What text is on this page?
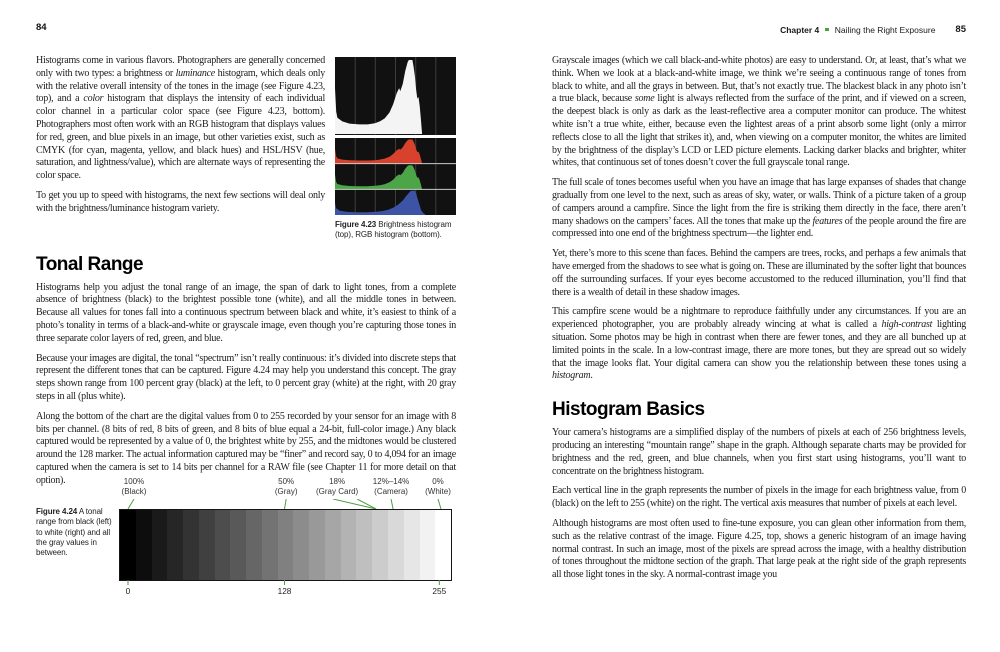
84
Figure 4.23 Brightness histogram (top), RGB histogram (bottom).

Histograms come in various flavors. Photographers are generally concerned only with two types: a brightness or luminance histogram, which deals only with the relative overall intensity of the tones in the image (see Figure 4.23, top), and a color histogram that displays the intensity of each individual color channel in a particular color space (see Figure 4.23, bottom). Photographers most often work with an RGB histogram that displays values for red, green, and blue pixels in an image, but other varieties exist, such as CMYK (for cyan, magenta, yellow, and black hues) and HSL/HSV (hue, saturation, and lightness/value), which are alternate ways of representing the color space.

To get you up to speed with histograms, the next few sections will deal only with the brightness/luminance histogram variety.

Tonal Range

Histograms help you adjust the tonal range of an image, the span of dark to light tones, from a complete absence of brightness (black) to the brightest possible tone (white), and all the middle tones in between. Because all values for tones fall into a continuous spectrum between black and white, it’s easiest to think of a photo’s tonality in terms of a black-and-white or grayscale image, even though you’re capturing those tones in three separate color layers of red, green, and blue.

Because your images are digital, the tonal “spectrum” isn’t really continuous: it’s divided into discrete steps that represent the different tones that can be captured. Figure 4.24 may help you understand this concept. The gray steps shown range from 100 percent gray (black) at the left, to 0 percent gray (white) at the right, with 20 gray steps in all (plus white).

Along the bottom of the chart are the digital values from 0 to 255 recorded by your sensor for an image with 8 bits per channel. (8 bits of red, 8 bits of green, and 8 bits of blue equal a 24-bit, full-color image.) Any black captured would be represented by a value of 0, the brightest white by 255, and the midtones would be clustered around the 128 marker. The actual information captured may be “finer” and record say, 0 to 4,094 for an image captured when the camera is set to 14 bits per channel for a RAW file (see Chapter 11 for more detail on that option).

Figure 4.24 A tonal range from black (left) to white (right) and all the gray values in between.
100%
(Black)
50%
(Gray)
18%
(Gray Card)
12%–14%
(Camera)
0%
(White)
0	128	255
Chapter 4 Nailing the Right Exposure 85

Grayscale images (which we call black-and-white photos) are easy to understand. Or, at least, that’s what we think. When we look at a black-and-white image, we think we’re seeing a continuous range of tones from black to white, and all the grays in between. But, that’s not exactly true. The blackest black in any photo isn’t a true black, because some light is always reflected from the surface of the print, and if viewed on a screen, the deepest black is only as dark as the least-reflective area a computer monitor can produce. The whitest white isn’t a true white, either, because even the lightest areas of a print absorb some light (only a mirror reflects close to all the light that strikes it), and, when viewing on a computer monitor, the whites are limited by the brightness of the display’s LCD or LED picture elements. Lacking darker blacks and brighter, whiter whites, that continuous set of tones doesn’t cover the full grayscale tonal range.

The full scale of tones becomes useful when you have an image that has large expanses of shades that change gradually from one level to the next, such as areas of sky, water, or walls. Think of a picture taken of a group of campers around a campfire. Since the light from the fire is striking them directly in the face, there aren’t many shadows on the campers’ faces. All the tones that make up the features of the people around the fire are compressed into one end of the brightness spectrum—the lighter end.

Yet, there’s more to this scene than faces. Behind the campers are trees, rocks, and perhaps a few animals that have emerged from the shadows to see what is going on. These are illuminated by the softer light that bounces off the surrounding surfaces. If your eyes become accustomed to the reduced illumination, you’ll find that there is a wealth of detail in these shadow images.

This campfire scene would be a nightmare to reproduce faithfully under any circumstances. If you are an experienced photographer, you are probably already wincing at what is called a high-contrast lighting situation. Some photos may be high in contrast when there are fewer tones, and they are all bunched up at limited points in the scale. In a low-contrast image, there are more tones, but they are spread out so widely that the image looks flat. Your digital camera can show you the relationship between these tones using a histogram.

Histogram Basics

Your camera’s histograms are a simplified display of the numbers of pixels at each of 256 brightness levels, producing an interesting “mountain range” shape in the graph. Although separate charts may be provided for brightness and the red, green, and blue channels, when you first start using histograms, you’ll want to concentrate on the brightness histogram.

Each vertical line in the graph represents the number of pixels in the image for each brightness value, from 0 (black) on the left to 255 (white) on the right. The vertical axis measures that number of pixels at each level.

Although histograms are most often used to fine-tune exposure, you can glean other information from them, such as the relative contrast of the image. Figure 4.25, top, shows a generic histogram of an image having normal contrast. In such an image, most of the pixels are spread across the image, with a healthy distribution of tones throughout the midtone section of the graph. That large peak at the right side of the graph represents all those light tones in the sky. A normal-contrast image you
